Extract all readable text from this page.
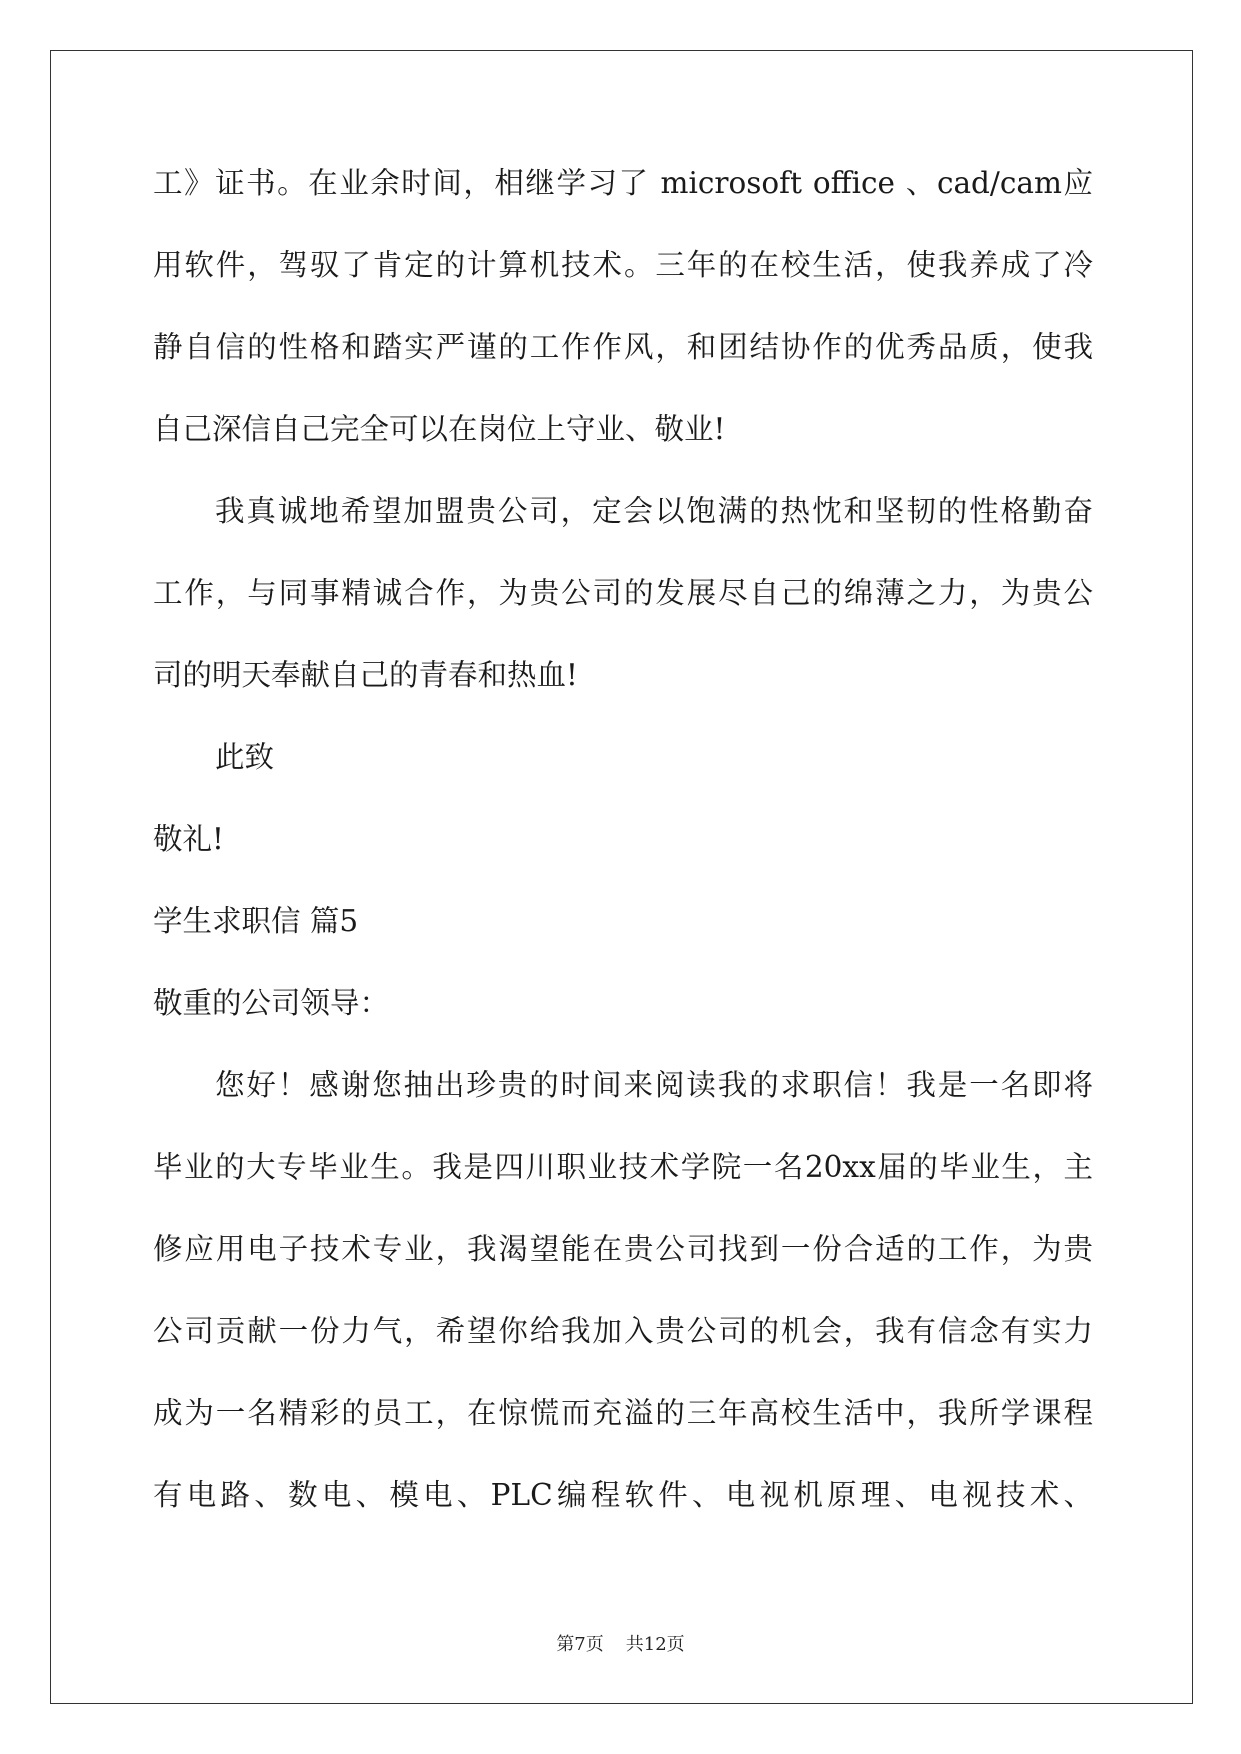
工》证书。在业余时间，相继学习了 microsoft office 、cad/cam应
用软件，驾驭了肯定的计算机技术。三年的在校生活，使我养成了冷
静自信的性格和踏实严谨的工作作风，和团结协作的优秀品质，使我
自己深信自己完全可以在岗位上守业、敬业!
我真诚地希望加盟贵公司，定会以饱满的热忱和坚韧的性格勤奋
工作，与同事精诚合作，为贵公司的发展尽自己的绵薄之力，为贵公
司的明天奉献自己的青春和热血!
此致
敬礼!
学生求职信 篇5
敬重的公司领导：
您好！感谢您抽出珍贵的时间来阅读我的求职信！我是一名即将
毕业的大专毕业生。我是四川职业技术学院一名20xx届的毕业生，主
修应用电子技术专业，我渴望能在贵公司找到一份合适的工作，为贵
公司贡献一份力气，希望你给我加入贵公司的机会，我有信念有实力
成为一名精彩的员工，在惊慌而充溢的三年高校生活中，我所学课程
有电路、数电、模电、PLC编程软件、电视机原理、电视技术、
第7页 共12页
